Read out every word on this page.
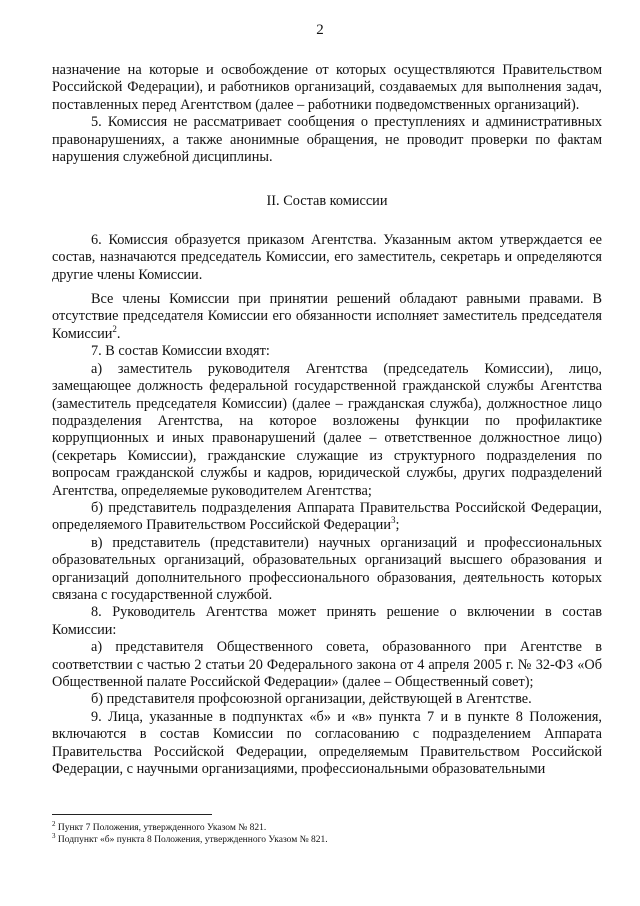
2

назначение на которые и освобождение от которых осуществляются Правительством Российской Федерации), и работников организаций, создаваемых для выполнения задач, поставленных перед Агентством (далее – работники подведомственных организаций).

5. Комиссия не рассматривает сообщения о преступлениях и административных правонарушениях, а также анонимные обращения, не проводит проверки по фактам нарушения служебной дисциплины.

II. Состав комиссии

6. Комиссия образуется приказом Агентства. Указанным актом утверждается ее состав, назначаются председатель Комиссии, его заместитель, секретарь и определяются другие члены Комиссии.

Все члены Комиссии при принятии решений обладают равными правами. В отсутствие председателя Комиссии его обязанности исполняет заместитель председателя Комиссии$^2$.

7. В состав Комиссии входят:

а) заместитель руководителя Агентства (председатель Комиссии), лицо, замещающее должность федеральной государственной гражданской службы Агентства (заместитель председателя Комиссии) (далее – гражданская служба), должностное лицо подразделения Агентства, на которое возложены функции по профилактике коррупционных и иных правонарушений (далее – ответственное должностное лицо) (секретарь Комиссии), гражданские служащие из структурного подразделения по вопросам гражданской службы и кадров, юридической службы, других подразделений Агентства, определяемые руководителем Агентства;

б) представитель подразделения Аппарата Правительства Российской Федерации, определяемого Правительством Российской Федерации$^3$;

в) представитель (представители) научных организаций и профессиональных образовательных организаций, образовательных организаций высшего образования и организаций дополнительного профессионального образования, деятельность которых связана с государственной службой.

8. Руководитель Агентства может принять решение о включении в состав Комиссии:

а) представителя Общественного совета, образованного при Агентстве в соответствии с частью 2 статьи 20 Федерального закона от 4 апреля 2005 г. № 32-ФЗ «Об Общественной палате Российской Федерации» (далее – Общественный совет);

б) представителя профсоюзной организации, действующей в Агентстве.

9. Лица, указанные в подпунктах «б» и «в» пункта 7 и в пункте 8 Положения, включаются в состав Комиссии по согласованию с подразделением Аппарата Правительства Российской Федерации, определяемым Правительством Российской Федерации, с научными организациями, профессиональными образовательными

$^2$ Пункт 7 Положения, утвержденного Указом № 821.

$^3$ Подпункт «б» пункта 8 Положения, утвержденного Указом № 821.
